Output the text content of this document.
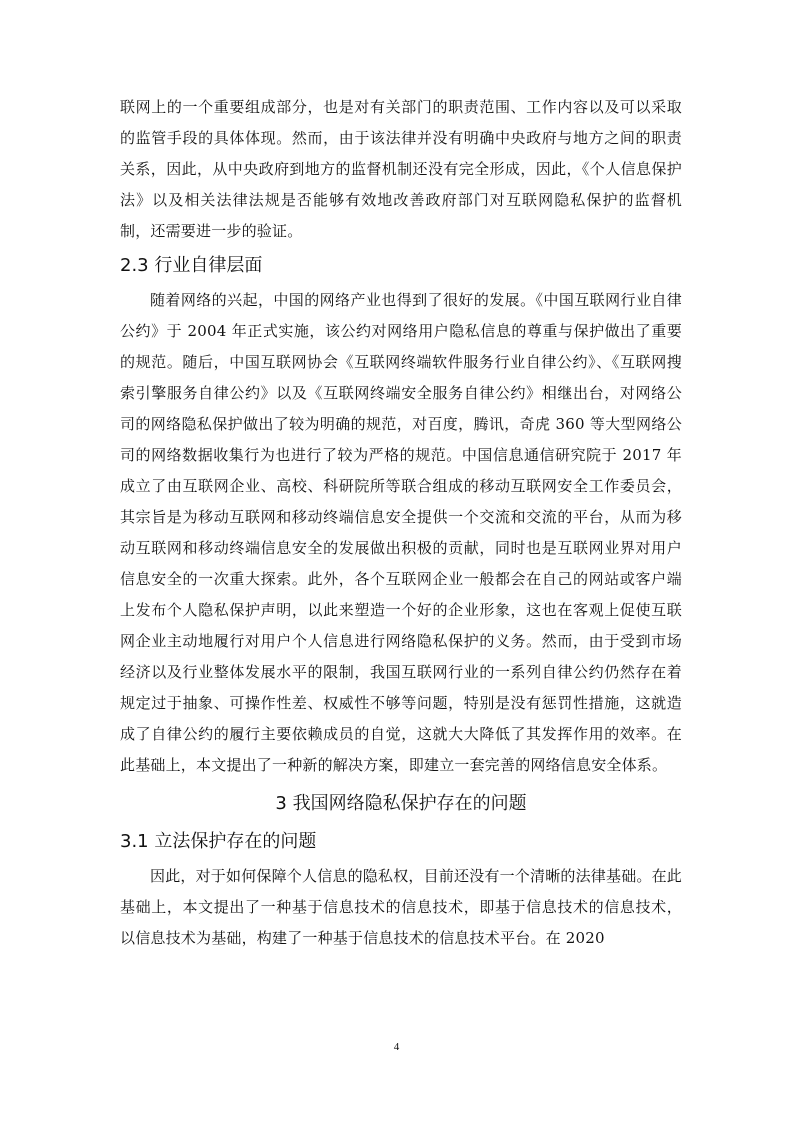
联网上的一个重要组成部分，也是对有关部门的职责范围、工作内容以及可以采取的监管手段的具体体现。然而，由于该法律并没有明确中央政府与地方之间的职责关系，因此，从中央政府到地方的监督机制还没有完全形成，因此，《个人信息保护法》以及相关法律法规是否能够有效地改善政府部门对互联网隐私保护的监督机制，还需要进一步的验证。

2.3 行业自律层面

随着网络的兴起，中国的网络产业也得到了很好的发展。《中国互联网行业自律公约》于 2004 年正式实施，该公约对网络用户隐私信息的尊重与保护做出了重要的规范。随后，中国互联网协会《互联网终端软件服务行业自律公约》、《互联网搜索引擎服务自律公约》以及《互联网终端安全服务自律公约》相继出台，对网络公司的网络隐私保护做出了较为明确的规范，对百度，腾讯，奇虎 360 等大型网络公司的网络数据收集行为也进行了较为严格的规范。中国信息通信研究院于 2017 年成立了由互联网企业、高校、科研院所等联合组成的移动互联网安全工作委员会，其宗旨是为移动互联网和移动终端信息安全提供一个交流和交流的平台，从而为移动互联网和移动终端信息安全的发展做出积极的贡献，同时也是互联网业界对用户信息安全的一次重大探索。此外，各个互联网企业一般都会在自己的网站或客户端上发布个人隐私保护声明，以此来塑造一个好的企业形象，这也在客观上促使互联网企业主动地履行对用户个人信息进行网络隐私保护的义务。然而，由于受到市场经济以及行业整体发展水平的限制，我国互联网行业的一系列自律公约仍然存在着规定过于抽象、可操作性差、权威性不够等问题，特别是没有惩罚性措施，这就造成了自律公约的履行主要依赖成员的自觉，这就大大降低了其发挥作用的效率。在此基础上，本文提出了一种新的解决方案，即建立一套完善的网络信息安全体系。

3 我国网络隐私保护存在的问题
3.1 立法保护存在的问题

因此，对于如何保障个人信息的隐私权，目前还没有一个清晰的法律基础。在此基础上，本文提出了一种基于信息技术的信息技术，即基于信息技术的信息技术，以信息技术为基础，构建了一种基于信息技术的信息技术平台。在 2020

4
